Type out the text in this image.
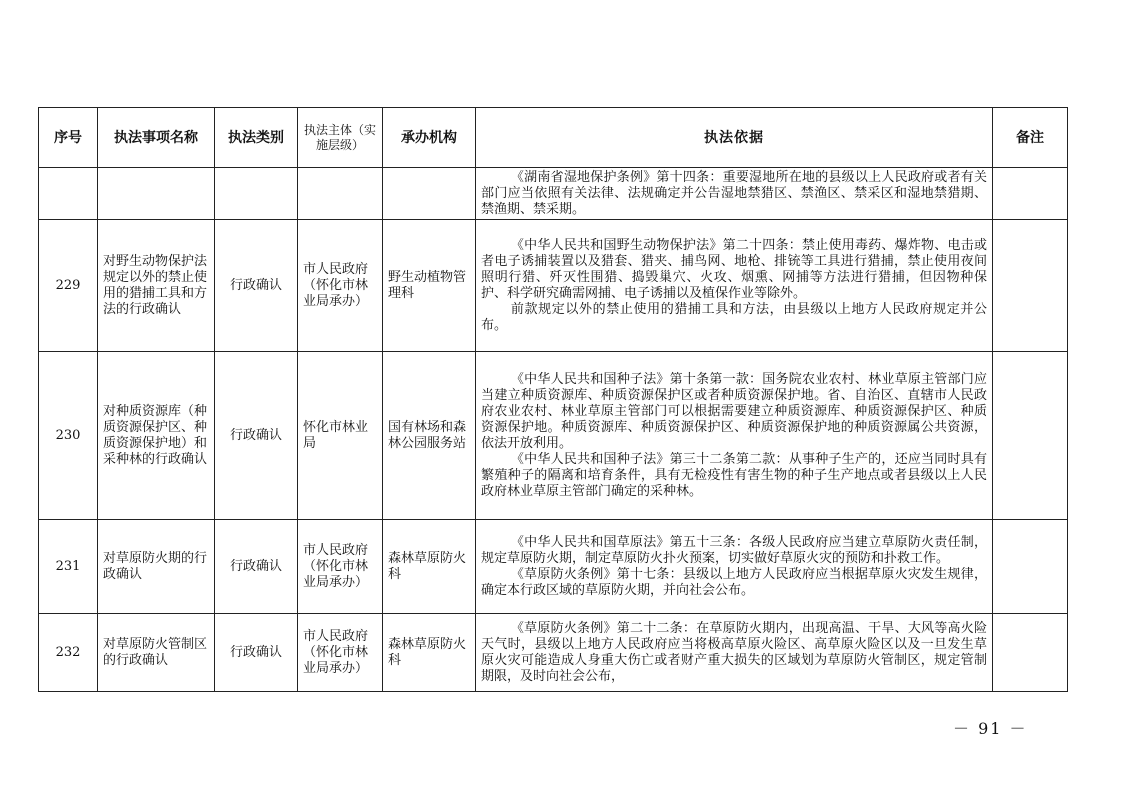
序号	执法事项名称	执法类别	执法主体（实施层级）	承办机构	执法依据	备注

					《湖南省湿地保护条例》第十四条：重要湿地所在地的县级以上人民政府或者有关部门应当依照有关法律、法规确定并公告湿地禁猎区、禁渔区、禁采区和湿地禁猎期、禁渔期、禁采期。	

229	对野生动物保护法规定以外的禁止使用的猎捕工具和方法的行政确认	行政确认	市人民政府（怀化市林业局承办）	野生动植物管理科	《中华人民共和国野生动物保护法》第二十四条：禁止使用毒药、爆炸物、电击或者电子诱捕装置以及猎套、猎夹、捕鸟网、地枪、排铳等工具进行猎捕，禁止使用夜间照明行猎、歼灭性围猎、捣毁巢穴、火攻、烟熏、网捕等方法进行猎捕，但因物种保护、科学研究确需网捕、电子诱捕以及植保作业等除外。

前款规定以外的禁止使用的猎捕工具和方法，由县级以上地方人民政府规定并公布。	

230	对种质资源库（种质资源保护区、种质资源保护地）和采种林的行政确认	行政确认	怀化市林业局	国有林场和森林公园服务站	《中华人民共和国种子法》第十条第一款：国务院农业农村、林业草原主管部门应当建立种质资源库、种质资源保护区或者种质资源保护地。省、自治区、直辖市人民政府农业农村、林业草原主管部门可以根据需要建立种质资源库、种质资源保护区、种质资源保护地。种质资源库、种质资源保护区、种质资源保护地的种质资源属公共资源，依法开放利用。

《中华人民共和国种子法》第三十二条第二款：从事种子生产的，还应当同时具有繁殖种子的隔离和培育条件，具有无检疫性有害生物的种子生产地点或者县级以上人民政府林业草原主管部门确定的采种林。	

231	对草原防火期的行政确认	行政确认	市人民政府（怀化市林业局承办）	森林草原防火科	《中华人民共和国草原法》第五十三条：各级人民政府应当建立草原防火责任制，规定草原防火期，制定草原防火扑火预案，切实做好草原火灾的预防和扑救工作。

《草原防火条例》第十七条：县级以上地方人民政府应当根据草原火灾发生规律，确定本行政区域的草原防火期，并向社会公布。	

232	对草原防火管制区的行政确认	行政确认	市人民政府（怀化市林业局承办）	森林草原防火科	《草原防火条例》第二十二条：在草原防火期内，出现高温、干旱、大风等高火险天气时，县级以上地方人民政府应当将极高草原火险区、高草原火险区以及一旦发生草原火灾可能造成人身重大伤亡或者财产重大损失的区域划为草原防火管制区，规定管制期限，及时向社会公布，	

－ 91 －
